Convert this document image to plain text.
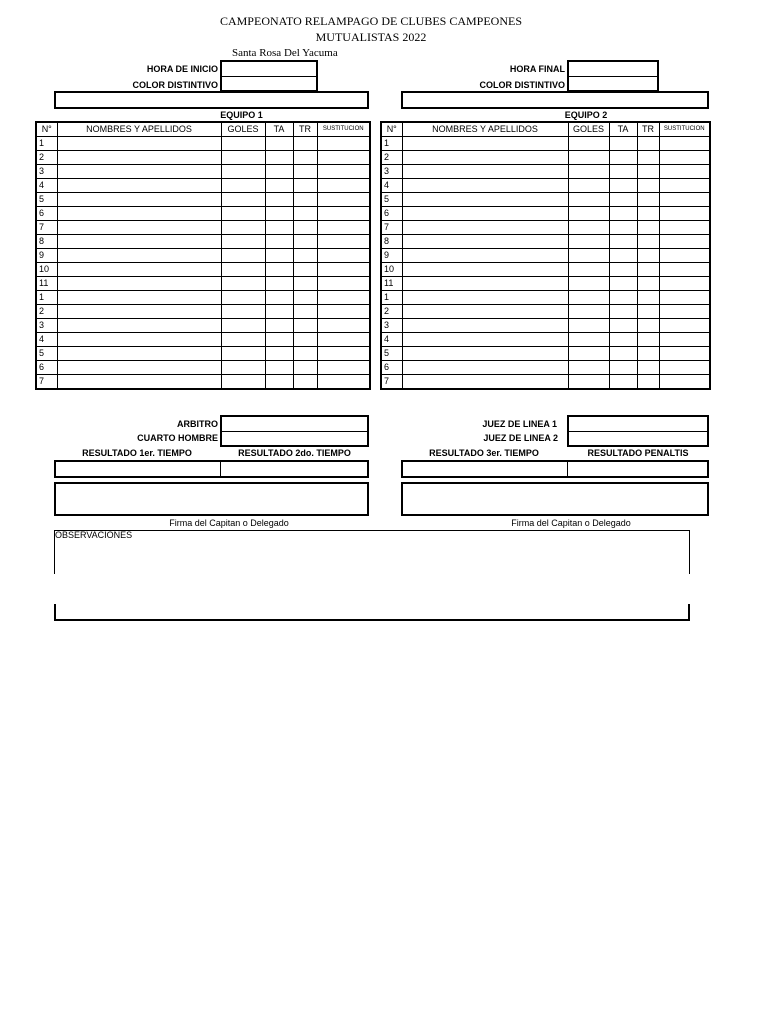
CAMPEONATO RELAMPAGO DE CLUBES CAMPEONES
MUTUALISTAS 2022
Santa Rosa Del Yacuma
HORA DE INICIO
COLOR DISTINTIVO
HORA FINAL
COLOR DISTINTIVO
EQUIPO 1	EQUIPO 2
N°	NOMBRES Y APELLIDOS	GOLES	TA	TR	SUSTITUCION
1					
2					
3					
4					
5					
6					
7					
8					
9					
10					
11					
1					
2					
3					
4					
5					
6					
7					
N°	NOMBRES Y APELLIDOS	GOLES	TA	TR	SUSTITUCION
1					
2					
3					
4					
5					
6					
7					
8					
9					
10					
11					
1					
2					
3					
4					
5					
6					
7					
ARBITRO
CUARTO HOMBRE
JUEZ DE LINEA 1
JUEZ DE LINEA 2
RESULTADO 1er. TIEMPO	RESULTADO 2do. TIEMPO	RESULTADO 3er. TIEMPO	RESULTADO PENALTIS
Firma del Capitan o Delegado	Firma del Capitan o Delegado
OBSERVACIONES
